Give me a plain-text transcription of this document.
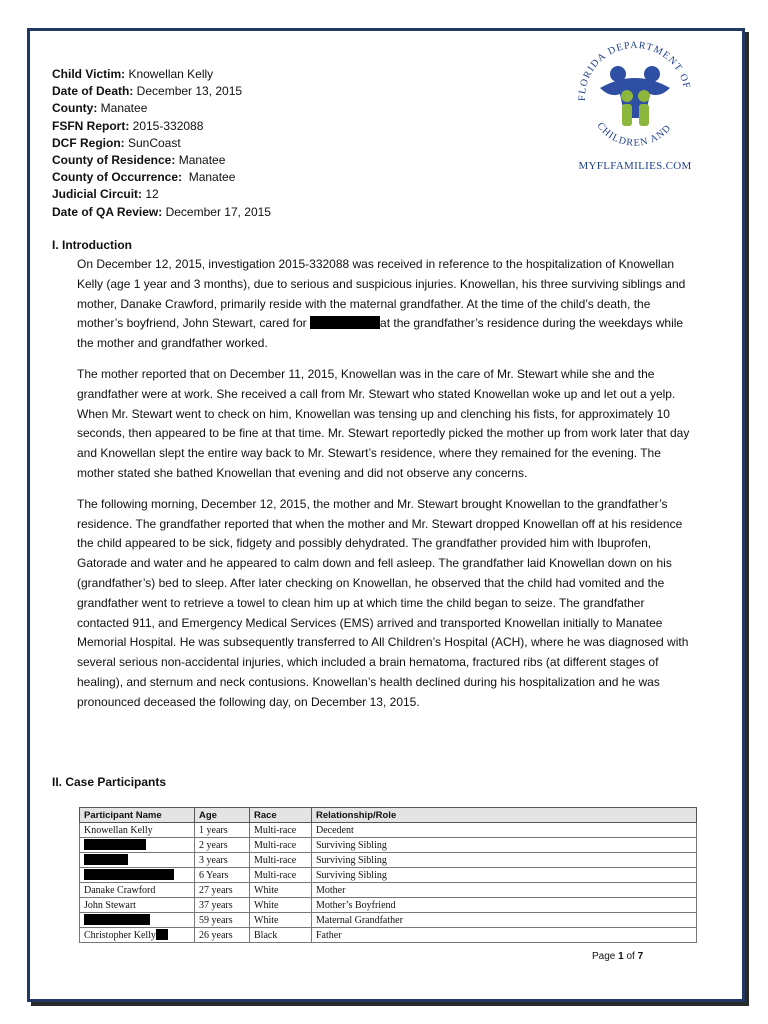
Child Victim: Knowellan Kelly
Date of Death: December 13, 2015
County: Manatee
FSFN Report: 2015-332088
DCF Region: SunCoast
County of Residence: Manatee
County of Occurrence:  Manatee
Judicial Circuit: 12
Date of QA Review: December 17, 2015
FLORIDA DEPARTMENT OF
CHILDREN AND
MYFLFAMILIES.COM
I. Introduction

On December 12, 2015, investigation 2015-332088 was received in reference to the hospitalization of Knowellan Kelly (age 1 year and 3 months), due to serious and suspicious injuries. Knowellan, his three surviving siblings and mother, Danake Crawford, primarily reside with the maternal grandfather. At the time of the child’s death, the mother’s boyfriend, John Stewart, cared for	at the grandfather’s residence during the weekdays while the mother and grandfather worked.

The mother reported that on December 11, 2015, Knowellan was in the care of Mr. Stewart while she and the grandfather were at work. She received a call from Mr. Stewart who stated Knowellan woke up and let out a yelp. When Mr. Stewart went to check on him, Knowellan was tensing up and clenching his fists, for approximately 10 seconds, then appeared to be fine at that time. Mr. Stewart reportedly picked the mother up from work later that day and Knowellan slept the entire way back to Mr. Stewart’s residence, where they remained for the evening. The mother stated she bathed Knowellan that evening and did not observe any concerns.

The following morning, December 12, 2015, the mother and Mr. Stewart brought Knowellan to the grandfather’s residence. The grandfather reported that when the mother and Mr. Stewart dropped Knowellan off at his residence the child appeared to be sick, fidgety and possibly dehydrated. The grandfather provided him with Ibuprofen, Gatorade and water and he appeared to calm down and fell asleep. The grandfather laid Knowellan down on his (grandfather’s) bed to sleep. After later checking on Knowellan, he observed that the child had vomited and the grandfather went to retrieve a towel to clean him up at which time the child began to seize. The grandfather contacted 911, and Emergency Medical Services (EMS) arrived and transported Knowellan initially to Manatee Memorial Hospital. He was subsequently transferred to All Children’s Hospital (ACH), where he was diagnosed with several serious non-accidental injuries, which included a brain hematoma, fractured ribs (at different stages of healing), and sternum and neck contusions. Knowellan’s health declined during his hospitalization and he was pronounced deceased the following day, on December 13, 2015.

II. Case Participants
Participant Name	Age	Race	Relationship/Role
Knowellan Kelly	1 years	Multi-race	Decedent
	2 years	Multi-race	Surviving Sibling
	3 years	Multi-race	Surviving Sibling
	6 Years	Multi-race	Surviving Sibling
Danake Crawford	27 years	White	Mother
John Stewart	37 years	White	Mother’s Boyfriend
	59 years	White	Maternal Grandfather
Christopher Kelly	26 years	Black	Father
Page 1 of 7
